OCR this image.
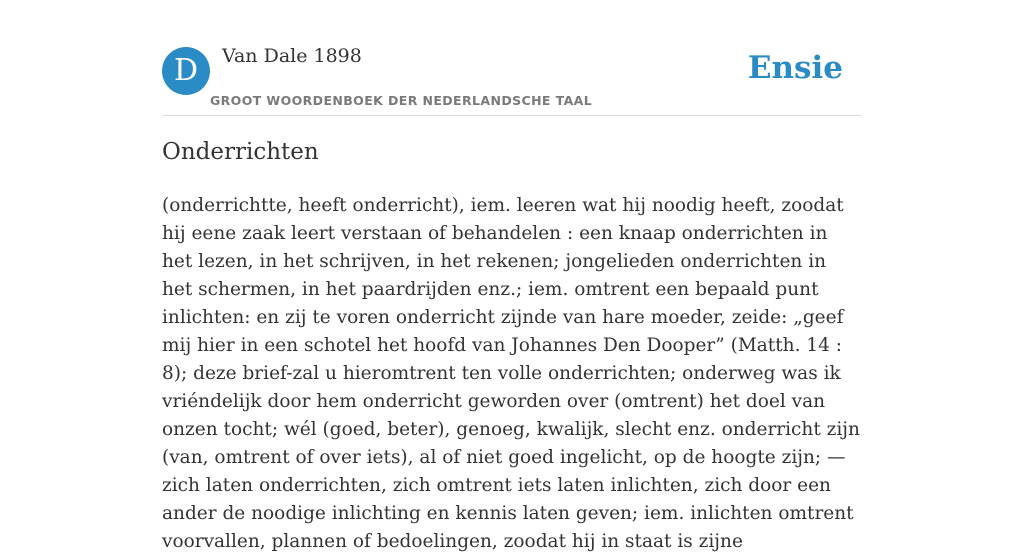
D	Van Dale 1898
GROOT WOORDENBOEK DER NEDERLANDSCHE TAAL
Ensie
Onderrichten

(onderrichtte, heeft onderricht), iem. leeren wat hij noodig heeft, zoodat hij eene zaak leert verstaan of behandelen : een knaap onderrichten in het lezen, in het schrijven, in het rekenen; jongelieden onderrichten in het schermen, in het paardrijden enz.; iem. omtrent een bepaald punt inlichten: en zij te voren onderricht zijnde van hare moeder, zeide: „geef mij hier in een schotel het hoofd van Johannes Den Dooper” (Matth. 14 : 8); deze brief-zal u hieromtrent ten volle onderrichten; onderweg was ik vriéndelijk door hem onderricht geworden over (omtrent) het doel van onzen tocht; wél (goed, beter), genoeg, kwalijk, slecht enz. onderricht zijn (van, omtrent of over iets), al of niet goed ingelicht, op de hoogte zijn; — zich laten onderrichten, zich omtrent iets laten inlichten, zich door een ander de noodige inlichting en kennis laten geven; iem. inlichten omtrent voorvallen, plannen of bedoelingen, zoodat hij in staat is zijne
